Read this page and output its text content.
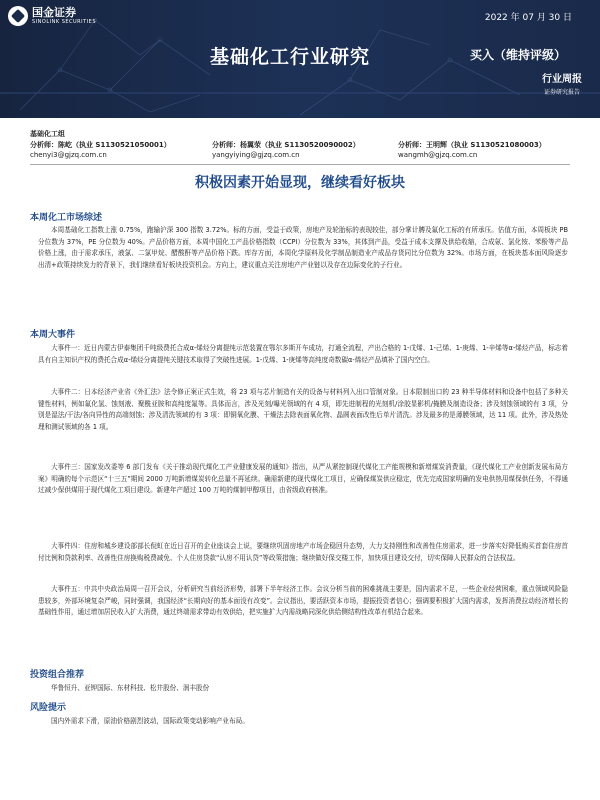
国金证券
SINOLINK SECURITIES	2022 年 07 月 30 日
基础化工行业研究	买入（维持评级）
行业周报
证券研究报告
基础化工组
分析师：陈屹（执业 S1130521050001）
chenyi3@gjzq.com.cn
分析师：杨翼荥（执业 S1130520090002）
yangyiying@gjzq.com.cn
分析师：王明辉（执业 S1130521080003）
wangmh@gjzq.com.cn
积极因素开始显现，继续看好板块
本周化工市场综述

本周基础化工指数上涨 0.75%，跑输沪深 300 指数 3.72%。标的方面，受益于政策，房地产及轮胎标的表现较佳，部分掌计膊及氟化工标的有所承压。估值方面，本周板块 PB 分位数为 37%，PE 分位数为 40%。产品价格方面，本周中国化工产品价格指数（CCPI）分位数为 33%，其体到产品，受益于成本支撑及供给收缩，合成氨、氯化铵、苯酚等产品价格上涨，由于需求承压，液氯、二氯甲烷、醋酸酐等产品价格下跌。库存方面，本周化学原料及化学制品制造业产成品存货同比分位数为 32%。市场方面，在板块基本面风险逐步出清+政策持续发力的背景下，我们继续看好板块投资机会。方向上，建议重点关注房地产产业链以及存在边际变化的子行业。

本周大事件

大事件一：近日内蒙古伊泰集团千吨级费托合成α-烯烃分离提纯示范装置在鄂尔多斯开车成功，打通全流程，产出合格的 1-戊烯、1-己烯、1-庚烯、1-辛烯等α-烯烃产品，标志着具有自主知识产权的费托合成α-烯烃分离提纯关键技术取得了突破性进展。1-戊烯、1-庚烯等高纯度奇数碳α-烯烃产品填补了国内空白。

大事件二：日本经济产业省《外汇法》法令修正案正式生效，将 23 项与芯片制造有关的设备与材料列入出口管制对象。日本限制出口的 23 种半导体材料和设备中包括了多种关键性材料，例如氟化氢、蚀刻液、聚酰亚胺和高纯度氟等。具体而言，涉及光刻/曝光领域的有 4 项，即先进制程的光刻机/涂胶显影机/掩膜及制造设备；涉及刻蚀领域的有 3 项，分别是湿法/干法/各向异性的高端刻蚀；涉及清洗领域的有 3 项：即铜氧化膜、干燥法去除表面氧化物、晶圆表面改性后单片清洗。涉及最多的是薄膜领域，达 11 项。此外，涉及热处理和测试领域的各 1 项。

大事件三：国家发改委等 6 部门发布《关于推动现代煤化工产业健康发展的通知》指出，从严从紧控制现代煤化工产能规模和新增煤炭消费量，《现代煤化工产业创新发展布局方案》明确的每个示范区“十三五”期间 2000 万吨新增煤炭转化总量不再延续。确需新建的现代煤化工项目，应确保煤炭供应稳定，优先完成国家明确的发电供热用煤保供任务，不得通过减少保供煤用于现代煤化工项目建设。新建年产超过 100 万吨的煤制甲醇项目，由省级政府核准。

大事件四：住房和城乡建设部部长倪虹在近日召开的企业座谈会上说，要继续巩固房地产市场企稳回升态势，大力支持刚性和改善性住房需求，进一步落实好降低购买首套住房首付比例和贷款利率、改善性住房换购税费减免、个人住房贷款“认房不用认贷”等政策措施；继续做好保交楼工作，加快项目建设交付，切实保障人民群众的合法权益。

大事件五：中共中央政治局周一召开会议，分析研究当前经济形势，部署下半年经济工作。会议分析当前的困难挑战主要是，国内需求不足，一些企业经营困难，重点领域风险隐患较多，外部环境复杂严峻，同时强调，我国经济“长期向好的基本面没有改变”。会议指出，要活跃资本市场，提振投资者信心；强调要积极扩大国内需求，发挥消费拉动经济增长的基础性作用，通过增加居民收入扩大消费，通过终端需求带动有效供给，把实施扩大内需战略同深化供给侧结构性改革有机结合起来。

投资组合推荐

华鲁恒升、亚钾国际、东材科技、松井股份、润丰股份

风险提示

国内外需求下滑，原油价格剧烈波动，国际政策变动影响产业布局。
